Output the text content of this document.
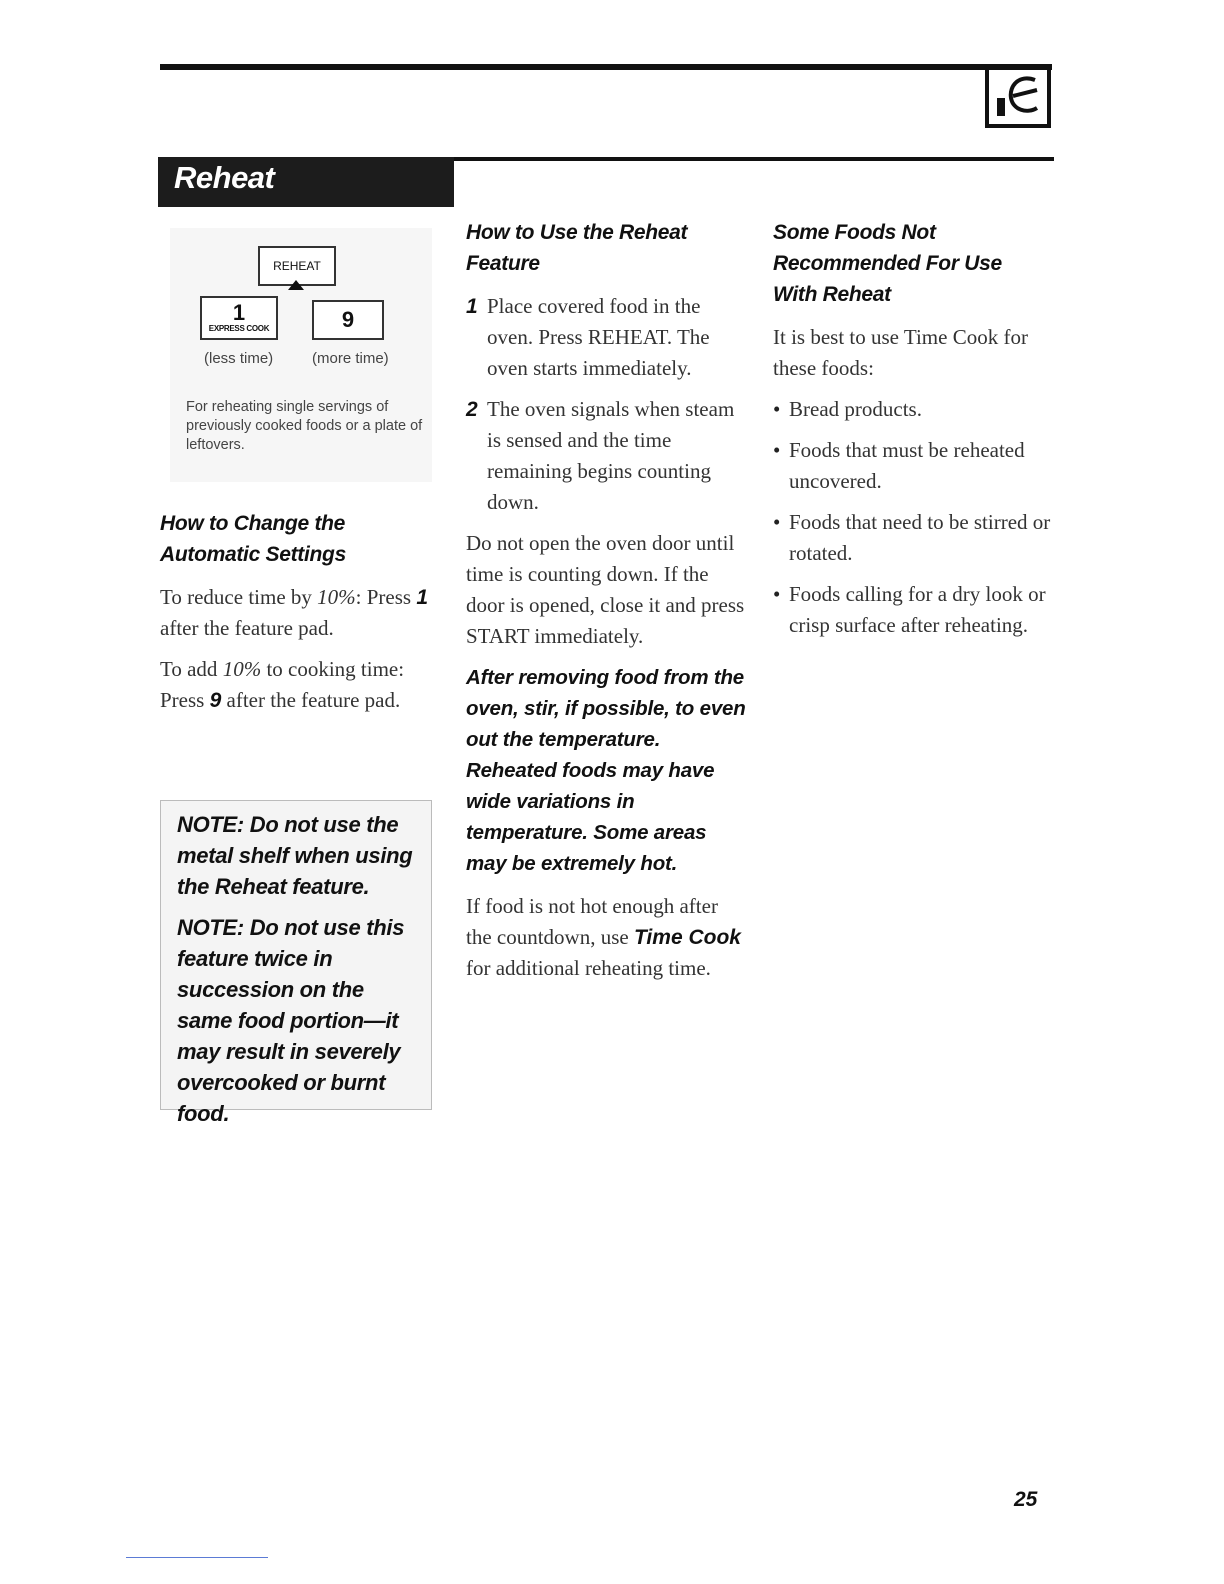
Reheat
REHEAT
1
EXPRESS COOK	9
(less time)	(more time)
For reheating single servings of previously cooked foods or a plate of leftovers.
How to Change the
Automatic Settings

To reduce time by 10%: Press 1 after the feature pad.

To add 10% to cooking time: Press 9 after the feature pad.

NOTE: Do not use the metal shelf when using the Reheat feature.

NOTE: Do not use this feature twice in succession on the same food portion—it may result in severely overcooked or burnt food.

How to Use the Reheat
Feature
1 Place covered food in the oven. Press REHEAT. The oven starts immediately.
2 The oven signals when steam is sensed and the time remaining begins counting down.

Do not open the oven door until time is counting down. If the door is opened, close it and press START immediately.

After removing food from the oven, stir, if possible, to even out the temperature. Reheated foods may have wide variations in temperature. Some areas may be extremely hot.

If food is not hot enough after the countdown, use Time Cook for additional reheating time.

Some Foods Not
Recommended For Use
With Reheat

It is best to use Time Cook for these foods:

• Bread products.
• Foods that must be reheated uncovered.
• Foods that need to be stirred or rotated.
• Foods calling for a dry look or crisp surface after reheating.
25
